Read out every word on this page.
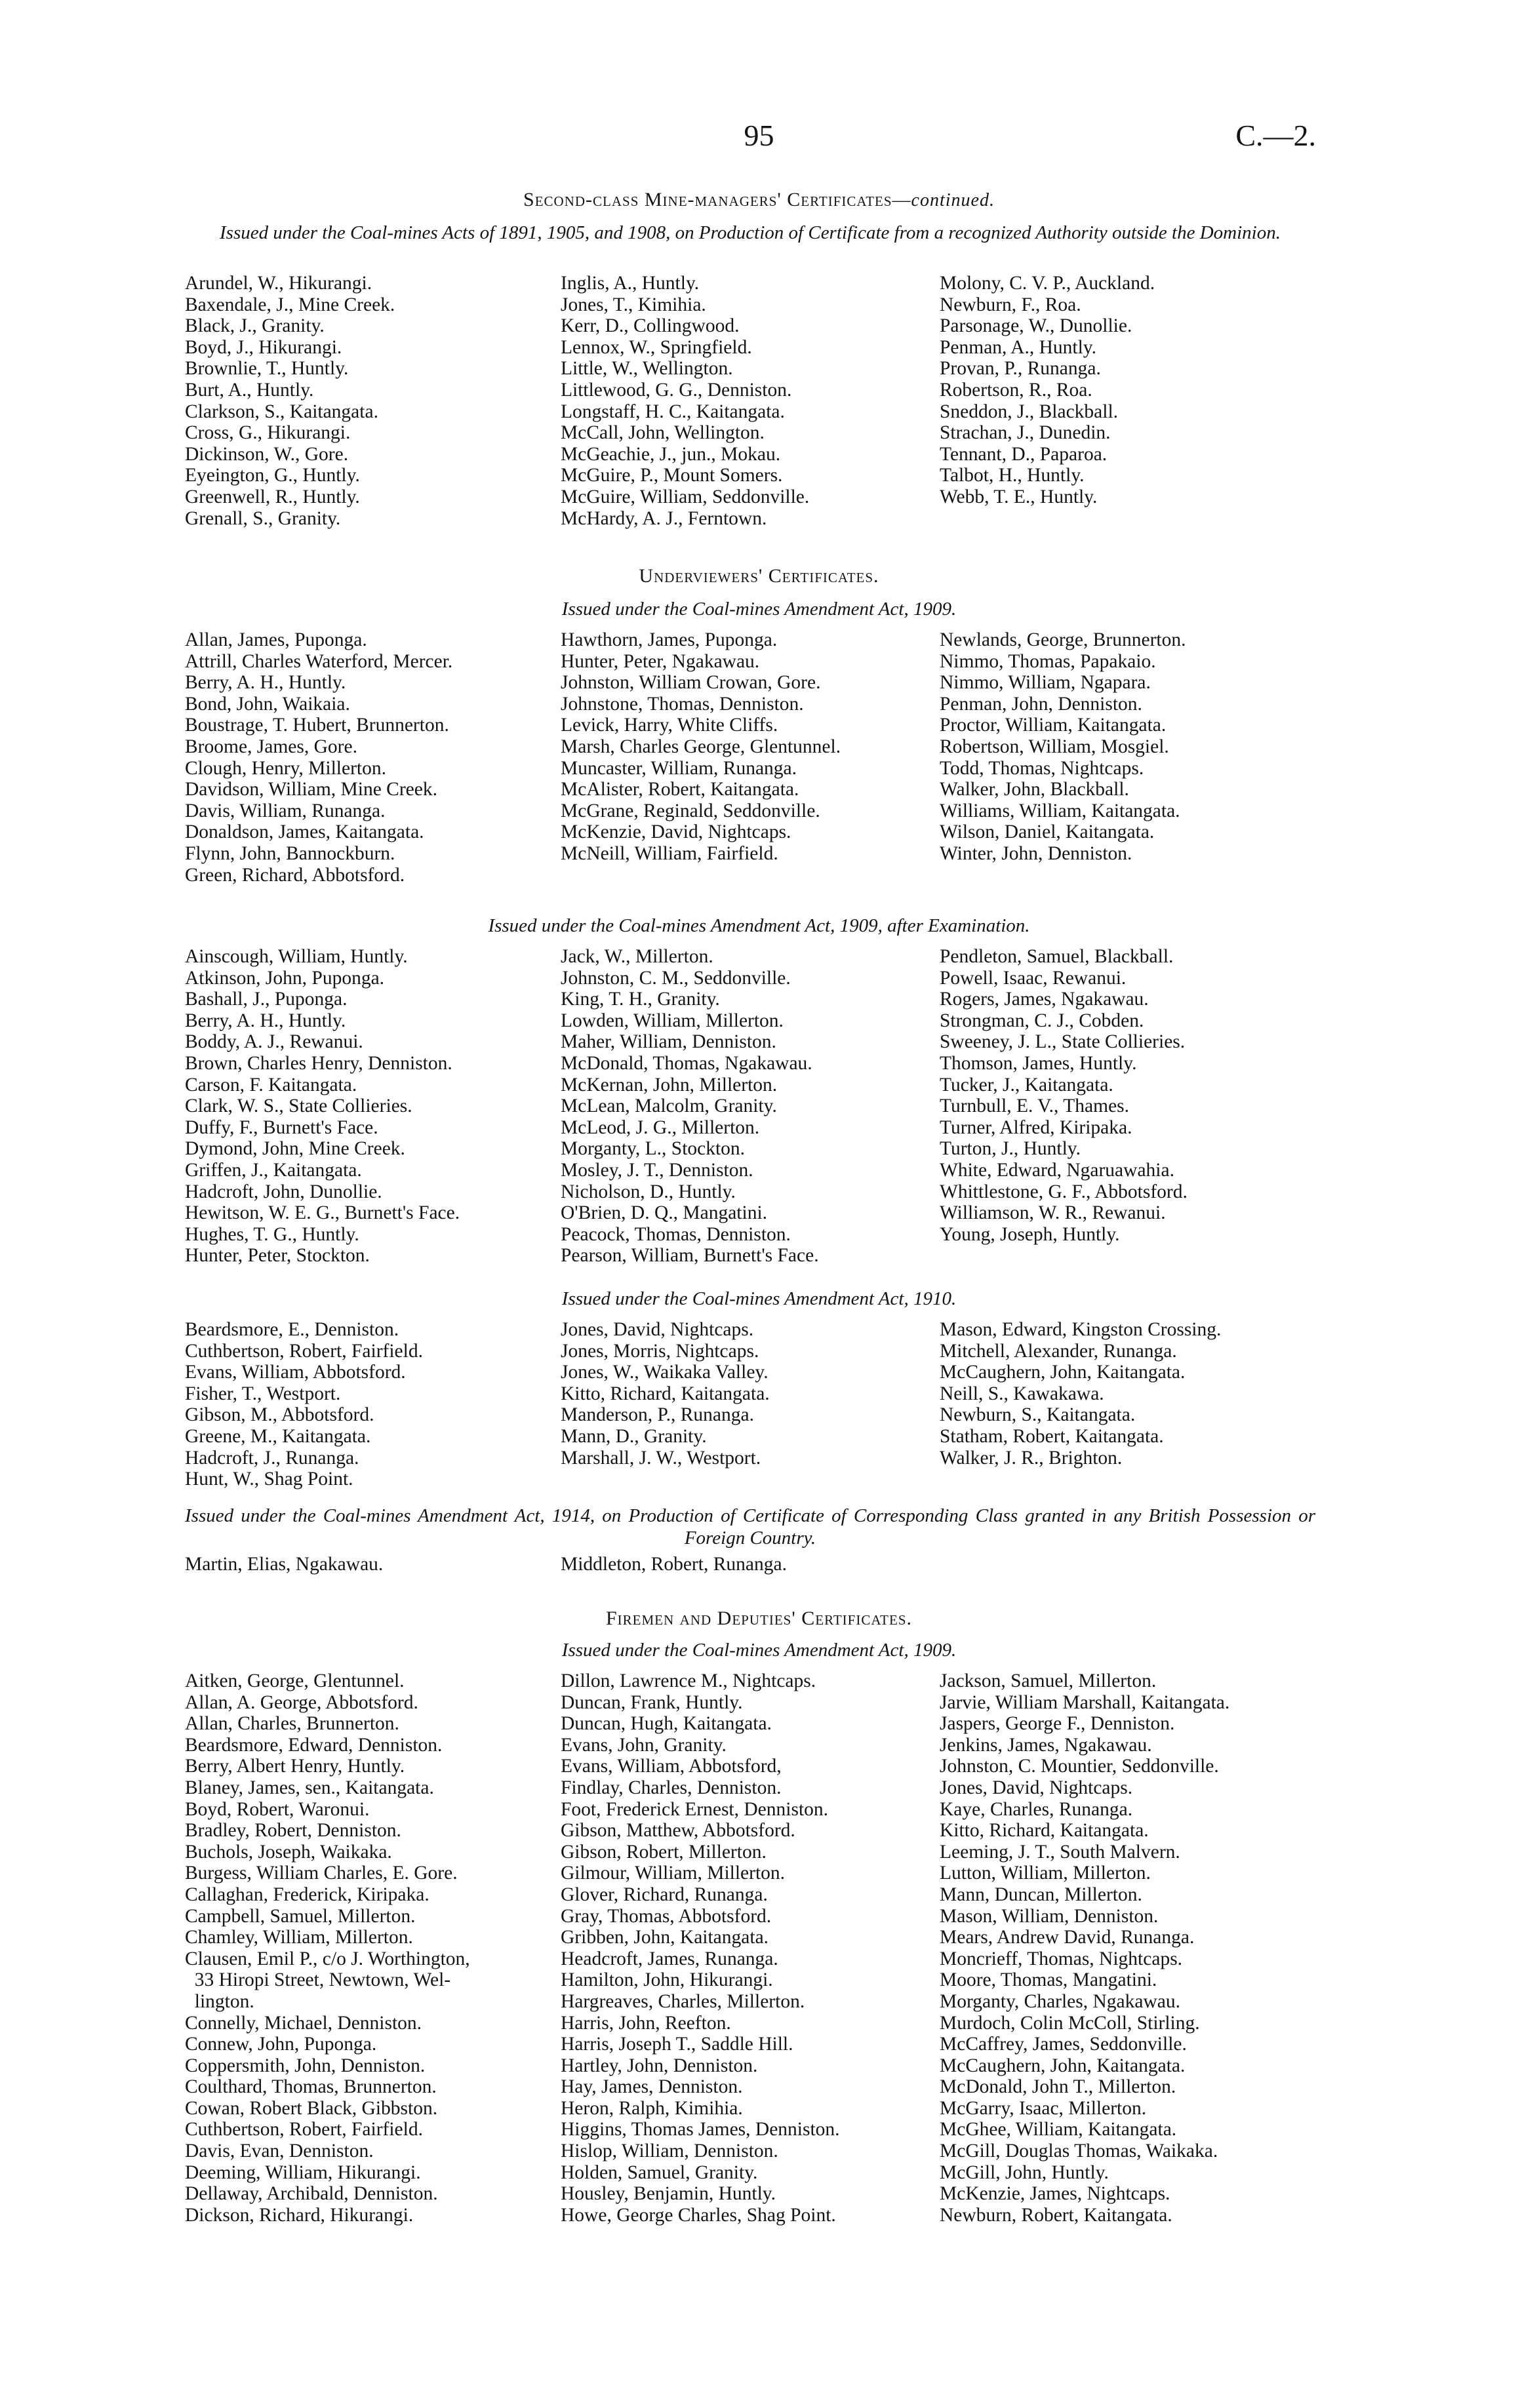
95	C.—2.
Second-class Mine-managers' Certificates—continued.
Issued under the Coal-mines Acts of 1891, 1905, and 1908, on Production of Certificate from a recognized Authority outside the Dominion.
Arundel, W., Hikurangi.
Baxendale, J., Mine Creek.
Black, J., Granity.
Boyd, J., Hikurangi.
Brownlie, T., Huntly.
Burt, A., Huntly.
Clarkson, S., Kaitangata.
Cross, G., Hikurangi.
Dickinson, W., Gore.
Eyeington, G., Huntly.
Greenwell, R., Huntly.
Grenall, S., Granity.
Inglis, A., Huntly.
Jones, T., Kimihia.
Kerr, D., Collingwood.
Lennox, W., Springfield.
Little, W., Wellington.
Littlewood, G. G., Denniston.
Longstaff, H. C., Kaitangata.
McCall, John, Wellington.
McGeachie, J., jun., Mokau.
McGuire, P., Mount Somers.
McGuire, William, Seddonville.
McHardy, A. J., Ferntown.
Molony, C. V. P., Auckland.
Newburn, F., Roa.
Parsonage, W., Dunollie.
Penman, A., Huntly.
Provan, P., Runanga.
Robertson, R., Roa.
Sneddon, J., Blackball.
Strachan, J., Dunedin.
Tennant, D., Paparoa.
Talbot, H., Huntly.
Webb, T. E., Huntly.
Underviewers' Certificates.
Issued under the Coal-mines Amendment Act, 1909.
Allan, James, Puponga.
Attrill, Charles Waterford, Mercer.
Berry, A. H., Huntly.
Bond, John, Waikaia.
Boustrage, T. Hubert, Brunnerton.
Broome, James, Gore.
Clough, Henry, Millerton.
Davidson, William, Mine Creek.
Davis, William, Runanga.
Donaldson, James, Kaitangata.
Flynn, John, Bannockburn.
Green, Richard, Abbotsford.
Hawthorn, James, Puponga.
Hunter, Peter, Ngakawau.
Johnston, William Crowan, Gore.
Johnstone, Thomas, Denniston.
Levick, Harry, White Cliffs.
Marsh, Charles George, Glentunnel.
Muncaster, William, Runanga.
McAlister, Robert, Kaitangata.
McGrane, Reginald, Seddonville.
McKenzie, David, Nightcaps.
McNeill, William, Fairfield.
Newlands, George, Brunnerton.
Nimmo, Thomas, Papakaio.
Nimmo, William, Ngapara.
Penman, John, Denniston.
Proctor, William, Kaitangata.
Robertson, William, Mosgiel.
Todd, Thomas, Nightcaps.
Walker, John, Blackball.
Williams, William, Kaitangata.
Wilson, Daniel, Kaitangata.
Winter, John, Denniston.
Issued under the Coal-mines Amendment Act, 1909, after Examination.
Ainscough, William, Huntly.
Atkinson, John, Puponga.
Bashall, J., Puponga.
Berry, A. H., Huntly.
Boddy, A. J., Rewanui.
Brown, Charles Henry, Denniston.
Carson, F. Kaitangata.
Clark, W. S., State Collieries.
Duffy, F., Burnett's Face.
Dymond, John, Mine Creek.
Griffen, J., Kaitangata.
Hadcroft, John, Dunollie.
Hewitson, W. E. G., Burnett's Face.
Hughes, T. G., Huntly.
Hunter, Peter, Stockton.
Jack, W., Millerton.
Johnston, C. M., Seddonville.
King, T. H., Granity.
Lowden, William, Millerton.
Maher, William, Denniston.
McDonald, Thomas, Ngakawau.
McKernan, John, Millerton.
McLean, Malcolm, Granity.
McLeod, J. G., Millerton.
Morganty, L., Stockton.
Mosley, J. T., Denniston.
Nicholson, D., Huntly.
O'Brien, D. Q., Mangatini.
Peacock, Thomas, Denniston.
Pearson, William, Burnett's Face.
Pendleton, Samuel, Blackball.
Powell, Isaac, Rewanui.
Rogers, James, Ngakawau.
Strongman, C. J., Cobden.
Sweeney, J. L., State Collieries.
Thomson, James, Huntly.
Tucker, J., Kaitangata.
Turnbull, E. V., Thames.
Turner, Alfred, Kiripaka.
Turton, J., Huntly.
White, Edward, Ngaruawahia.
Whittlestone, G. F., Abbotsford.
Williamson, W. R., Rewanui.
Young, Joseph, Huntly.
Issued under the Coal-mines Amendment Act, 1910.
Beardsmore, E., Denniston.
Cuthbertson, Robert, Fairfield.
Evans, William, Abbotsford.
Fisher, T., Westport.
Gibson, M., Abbotsford.
Greene, M., Kaitangata.
Hadcroft, J., Runanga.
Hunt, W., Shag Point.
Jones, David, Nightcaps.
Jones, Morris, Nightcaps.
Jones, W., Waikaka Valley.
Kitto, Richard, Kaitangata.
Manderson, P., Runanga.
Mann, D., Granity.
Marshall, J. W., Westport.
Mason, Edward, Kingston Crossing.
Mitchell, Alexander, Runanga.
McCaughern, John, Kaitangata.
Neill, S., Kawakawa.
Newburn, S., Kaitangata.
Statham, Robert, Kaitangata.
Walker, J. R., Brighton.
Issued under the Coal-mines Amendment Act, 1914, on Production of Certificate of Corresponding Class granted in any British Possession or Foreign Country.
Martin, Elias, Ngakawau.	Middleton, Robert, Runanga.
Firemen and Deputies' Certificates.
Issued under the Coal-mines Amendment Act, 1909.
Aitken, George, Glentunnel.
Allan, A. George, Abbotsford.
Allan, Charles, Brunnerton.
Beardsmore, Edward, Denniston.
Berry, Albert Henry, Huntly.
Blaney, James, sen., Kaitangata.
Boyd, Robert, Waronui.
Bradley, Robert, Denniston.
Buchols, Joseph, Waikaka.
Burgess, William Charles, E. Gore.
Callaghan, Frederick, Kiripaka.
Campbell, Samuel, Millerton.
Chamley, William, Millerton.
Clausen, Emil P., c/o J. Worthington,
33 Hiropi Street, Newtown, Wel-
lington.
Connelly, Michael, Denniston.
Connew, John, Puponga.
Coppersmith, John, Denniston.
Coulthard, Thomas, Brunnerton.
Cowan, Robert Black, Gibbston.
Cuthbertson, Robert, Fairfield.
Davis, Evan, Denniston.
Deeming, William, Hikurangi.
Dellaway, Archibald, Denniston.
Dickson, Richard, Hikurangi.
Dillon, Lawrence M., Nightcaps.
Duncan, Frank, Huntly.
Duncan, Hugh, Kaitangata.
Evans, John, Granity.
Evans, William, Abbotsford,
Findlay, Charles, Denniston.
Foot, Frederick Ernest, Denniston.
Gibson, Matthew, Abbotsford.
Gibson, Robert, Millerton.
Gilmour, William, Millerton.
Glover, Richard, Runanga.
Gray, Thomas, Abbotsford.
Gribben, John, Kaitangata.
Headcroft, James, Runanga.
Hamilton, John, Hikurangi.
Hargreaves, Charles, Millerton.
Harris, John, Reefton.
Harris, Joseph T., Saddle Hill.
Hartley, John, Denniston.
Hay, James, Denniston.
Heron, Ralph, Kimihia.
Higgins, Thomas James, Denniston.
Hislop, William, Denniston.
Holden, Samuel, Granity.
Housley, Benjamin, Huntly.
Howe, George Charles, Shag Point.
Jackson, Samuel, Millerton.
Jarvie, William Marshall, Kaitangata.
Jaspers, George F., Denniston.
Jenkins, James, Ngakawau.
Johnston, C. Mountier, Seddonville.
Jones, David, Nightcaps.
Kaye, Charles, Runanga.
Kitto, Richard, Kaitangata.
Leeming, J. T., South Malvern.
Lutton, William, Millerton.
Mann, Duncan, Millerton.
Mason, William, Denniston.
Mears, Andrew David, Runanga.
Moncrieff, Thomas, Nightcaps.
Moore, Thomas, Mangatini.
Morganty, Charles, Ngakawau.
Murdoch, Colin McColl, Stirling.
McCaffrey, James, Seddonville.
McCaughern, John, Kaitangata.
McDonald, John T., Millerton.
McGarry, Isaac, Millerton.
McGhee, William, Kaitangata.
McGill, Douglas Thomas, Waikaka.
McGill, John, Huntly.
McKenzie, James, Nightcaps.
Newburn, Robert, Kaitangata.
